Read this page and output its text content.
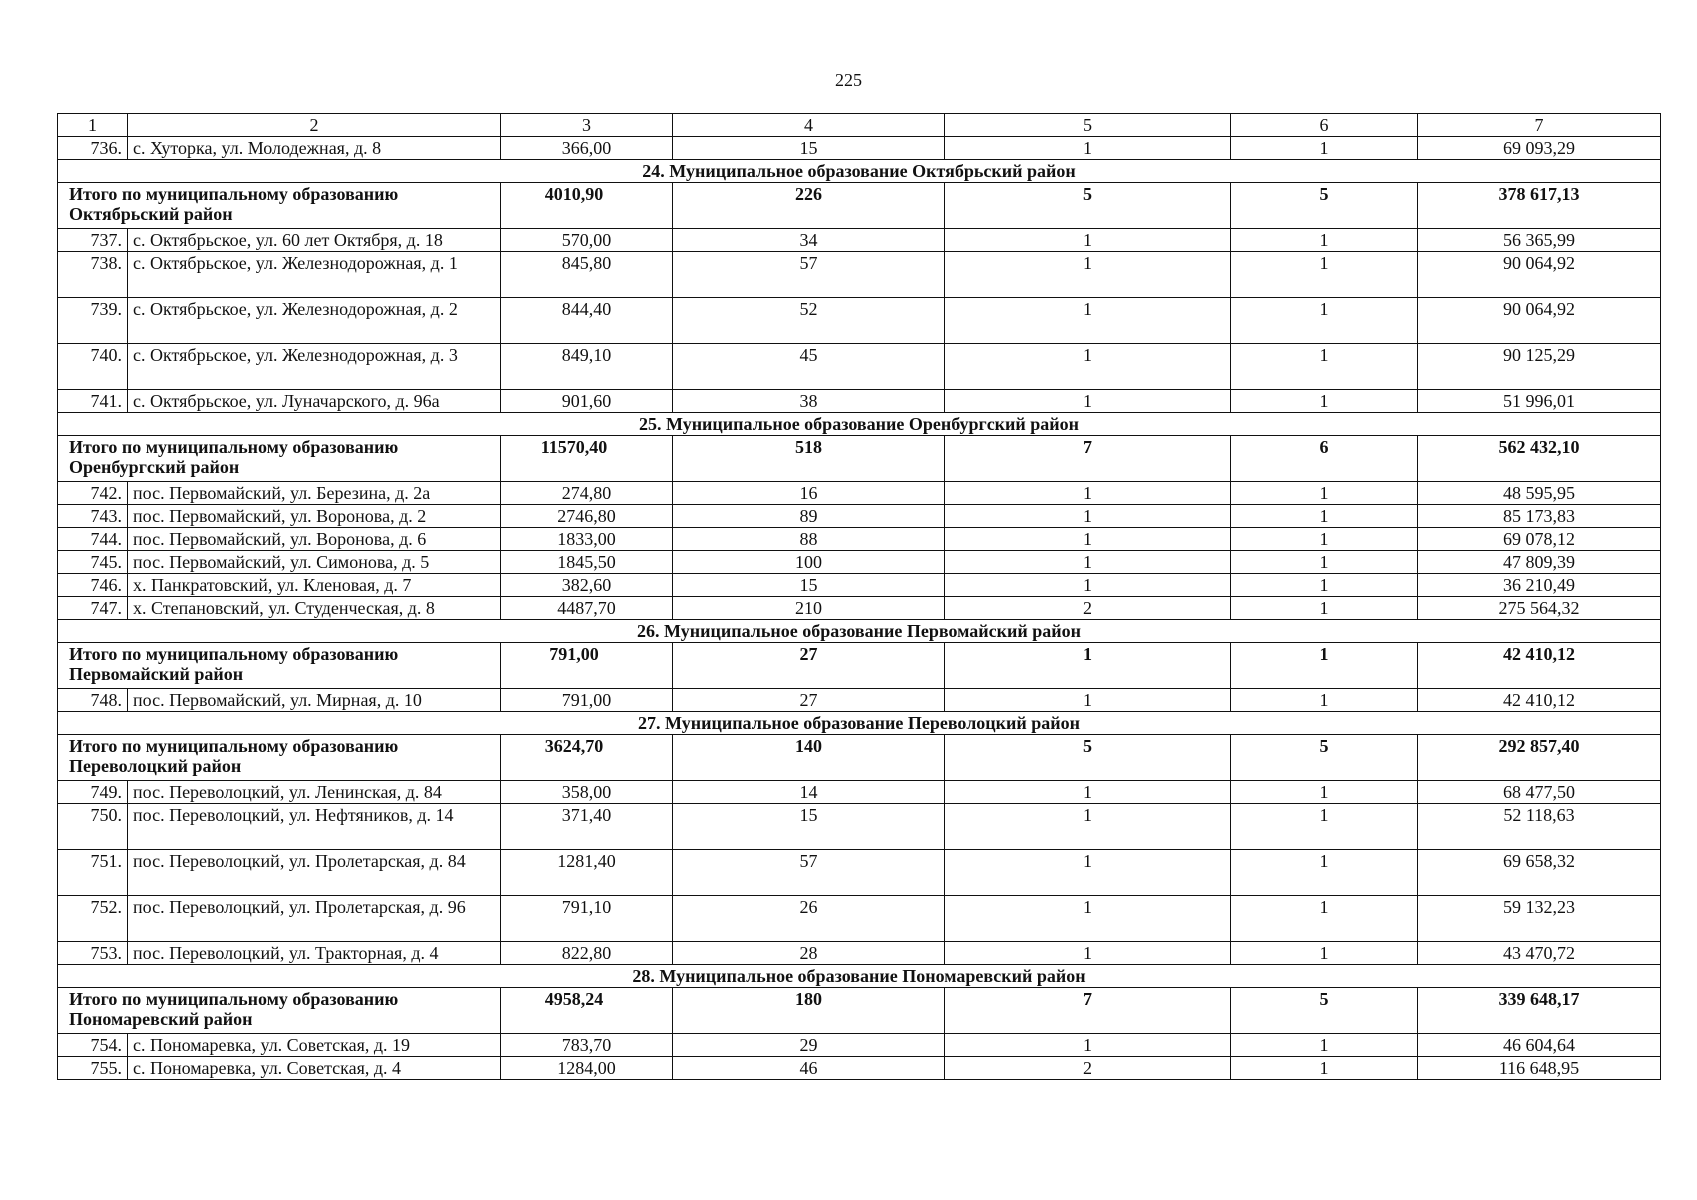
225
1	2	3	4	5	6	7
736.	с. Хуторка, ул. Молодежная, д. 8	366,00	15	1	1	69 093,29
24. Муниципальное образование Октябрьский район						
Итого по муниципальному образованию Октябрьский район		4010,90	226	5	5	378 617,13
737.	с. Октябрьское, ул. 60 лет Октября, д. 18	570,00	34	1	1	56 365,99
738.	с. Октябрьское, ул. Железнодорожная, д. 1	845,80	57	1	1	90 064,92
739.	с. Октябрьское, ул. Железнодорожная, д. 2	844,40	52	1	1	90 064,92
740.	с. Октябрьское, ул. Железнодорожная, д. 3	849,10	45	1	1	90 125,29
741.	с. Октябрьское, ул. Луначарского, д. 96а	901,60	38	1	1	51 996,01
25. Муниципальное образование Оренбургский район						
Итого по муниципальному образованию Оренбургский район		11570,40	518	7	6	562 432,10
742.	пос. Первомайский, ул. Березина, д. 2а	274,80	16	1	1	48 595,95
743.	пос. Первомайский, ул. Воронова, д. 2	2746,80	89	1	1	85 173,83
744.	пос. Первомайский, ул. Воронова, д. 6	1833,00	88	1	1	69 078,12
745.	пос. Первомайский, ул. Симонова, д. 5	1845,50	100	1	1	47 809,39
746.	х. Панкратовский, ул. Кленовая, д. 7	382,60	15	1	1	36 210,49
747.	х. Степановский, ул. Студенческая, д. 8	4487,70	210	2	1	275 564,32
26. Муниципальное образование Первомайский район						
Итого по муниципальному образованию Первомайский район		791,00	27	1	1	42 410,12
748.	пос. Первомайский, ул. Мирная, д. 10	791,00	27	1	1	42 410,12
27. Муниципальное образование Переволоцкий район						
Итого по муниципальному образованию Переволоцкий район		3624,70	140	5	5	292 857,40
749.	пос. Переволоцкий, ул. Ленинская, д. 84	358,00	14	1	1	68 477,50
750.	пос. Переволоцкий, ул. Нефтяников, д. 14	371,40	15	1	1	52 118,63
751.	пос. Переволоцкий, ул. Пролетарская, д. 84	1281,40	57	1	1	69 658,32
752.	пос. Переволоцкий, ул. Пролетарская, д. 96	791,10	26	1	1	59 132,23
753.	пос. Переволоцкий, ул. Тракторная, д. 4	822,80	28	1	1	43 470,72
28. Муниципальное образование Пономаревский район						
Итого по муниципальному образованию Пономаревский район		4958,24	180	7	5	339 648,17
754.	с. Пономаревка, ул. Советская, д. 19	783,70	29	1	1	46 604,64
755.	с. Пономаревка, ул. Советская, д. 4	1284,00	46	2	1	116 648,95
